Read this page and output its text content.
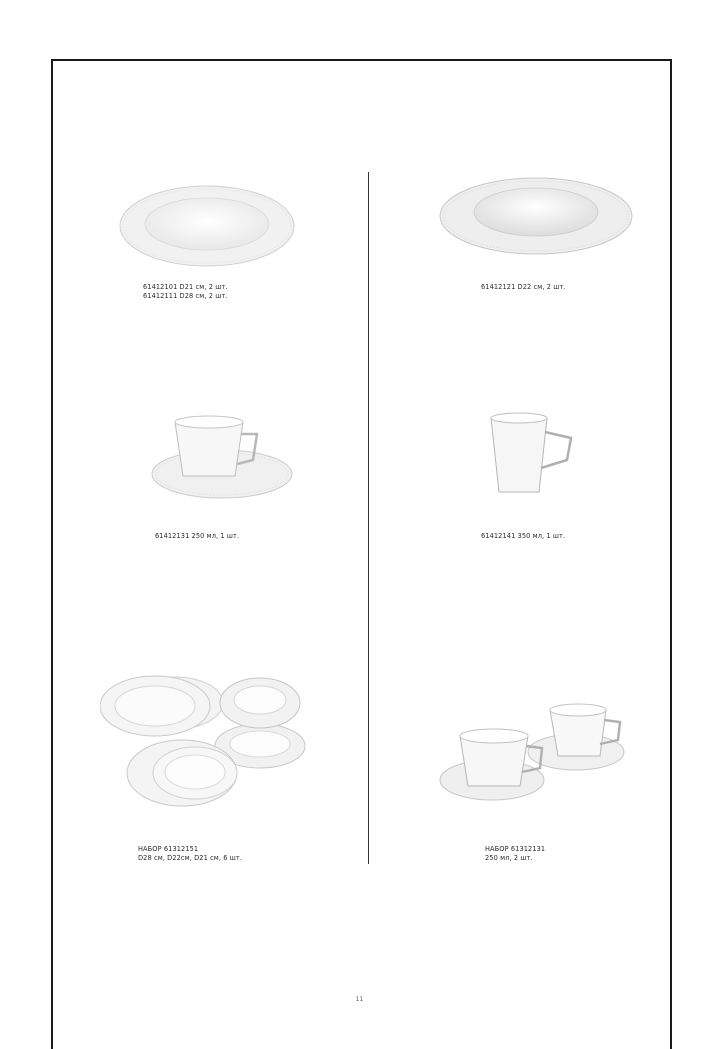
61412101 D21 см, 2 шт.
61412111 D28 см, 2 шт.
61412121 D22 см, 2 шт.
61412131 250 мл, 1 шт.	61412141 350 мл, 1 шт.
НАБОР 61312151
D28 см, D22см, D21 см, 6 шт.
НАБОР 61312131
250 мл, 2 шт.
11
